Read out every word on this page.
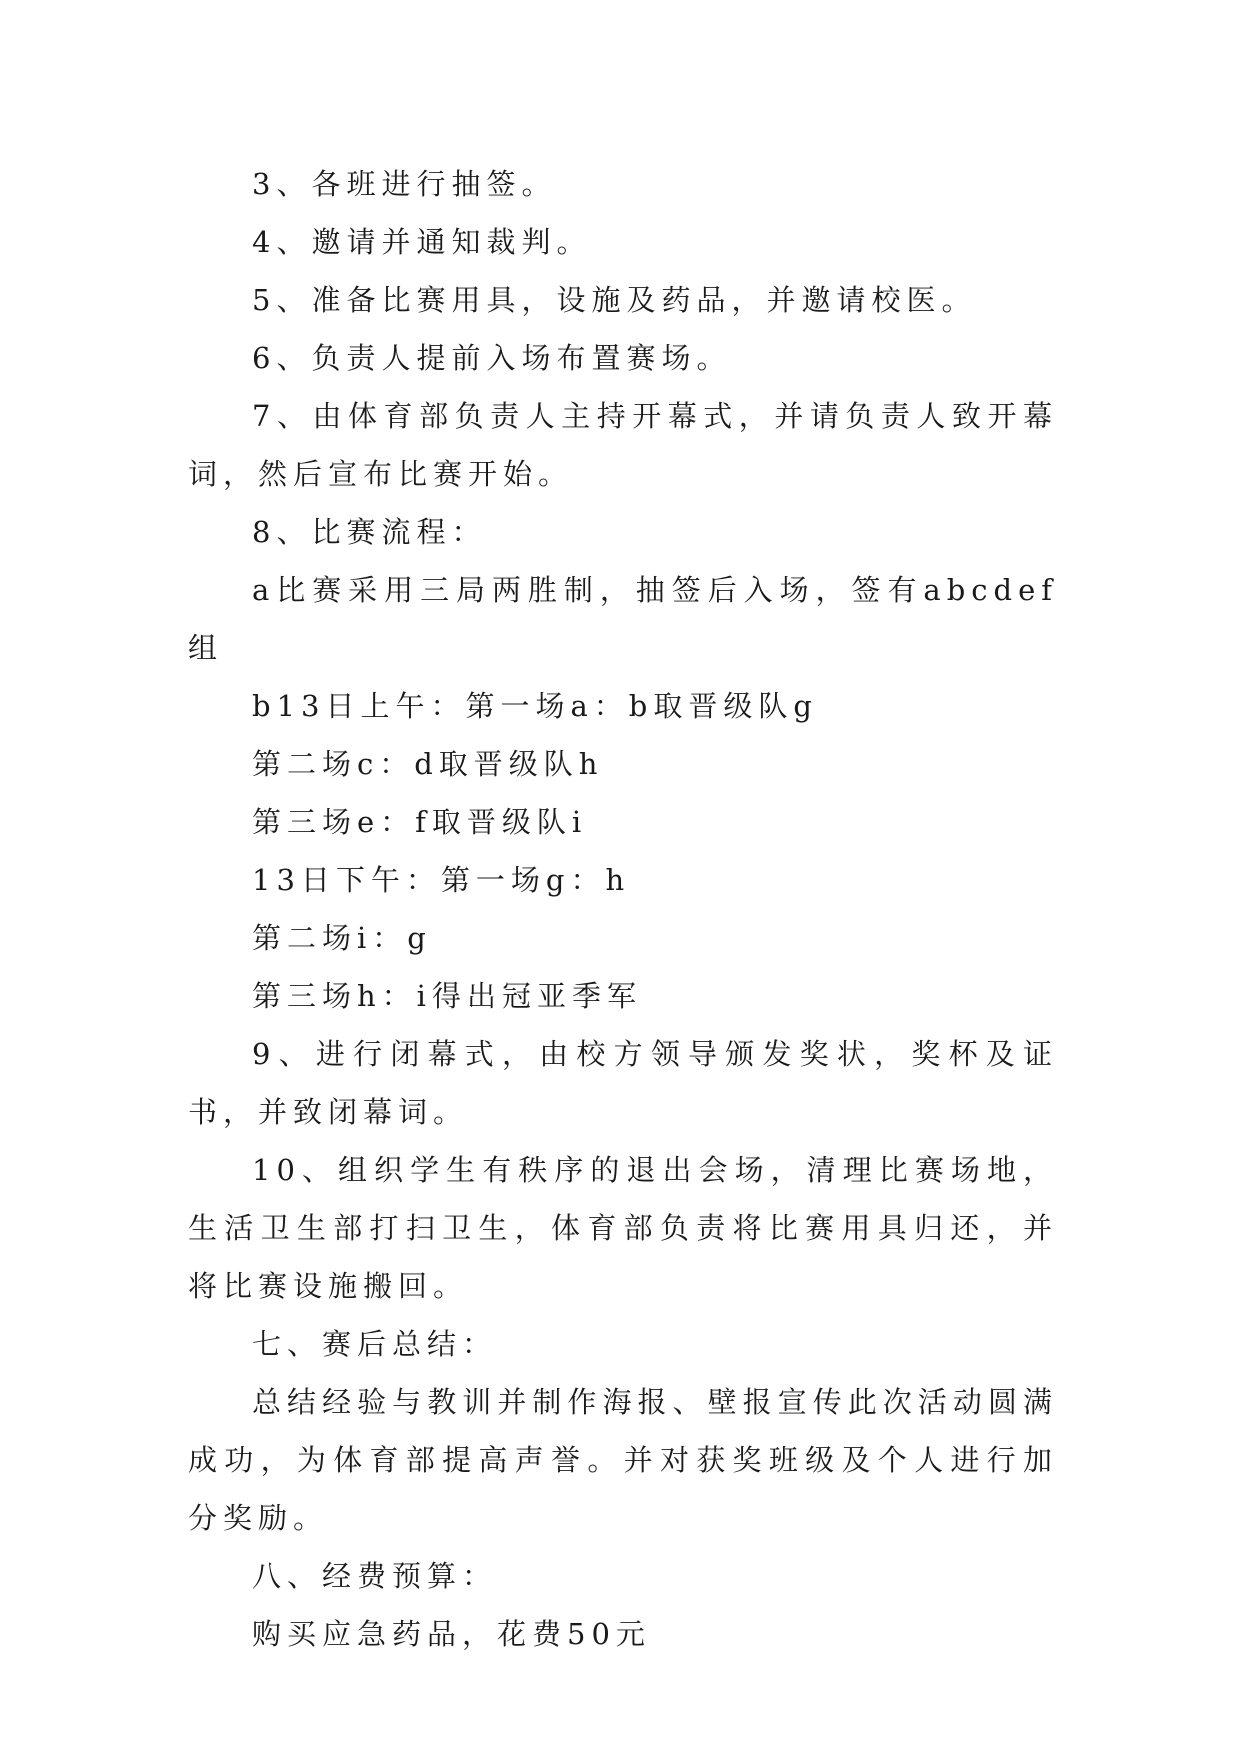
3、各班进行抽签。

4、邀请并通知裁判。

5、准备比赛用具，设施及药品，并邀请校医。

6、负责人提前入场布置赛场。

7、由体育部负责人主持开幕式，并请负责人致开幕词，然后宣布比赛开始。

8、比赛流程：

a比赛采用三局两胜制，抽签后入场，签有abcdef组

b13日上午：第一场a：b取晋级队g

第二场c：d取晋级队h

第三场e：f取晋级队i

13日下午：第一场g：h

第二场i：g

第三场h：i得出冠亚季军

9、进行闭幕式，由校方领导颁发奖状，奖杯及证书，并致闭幕词。

10、组织学生有秩序的退出会场，清理比赛场地，生活卫生部打扫卫生，体育部负责将比赛用具归还，并将比赛设施搬回。

七、赛后总结：

总结经验与教训并制作海报、壁报宣传此次活动圆满成功，为体育部提高声誉。并对获奖班级及个人进行加分奖励。

八、经费预算：

购买应急药品，花费50元
